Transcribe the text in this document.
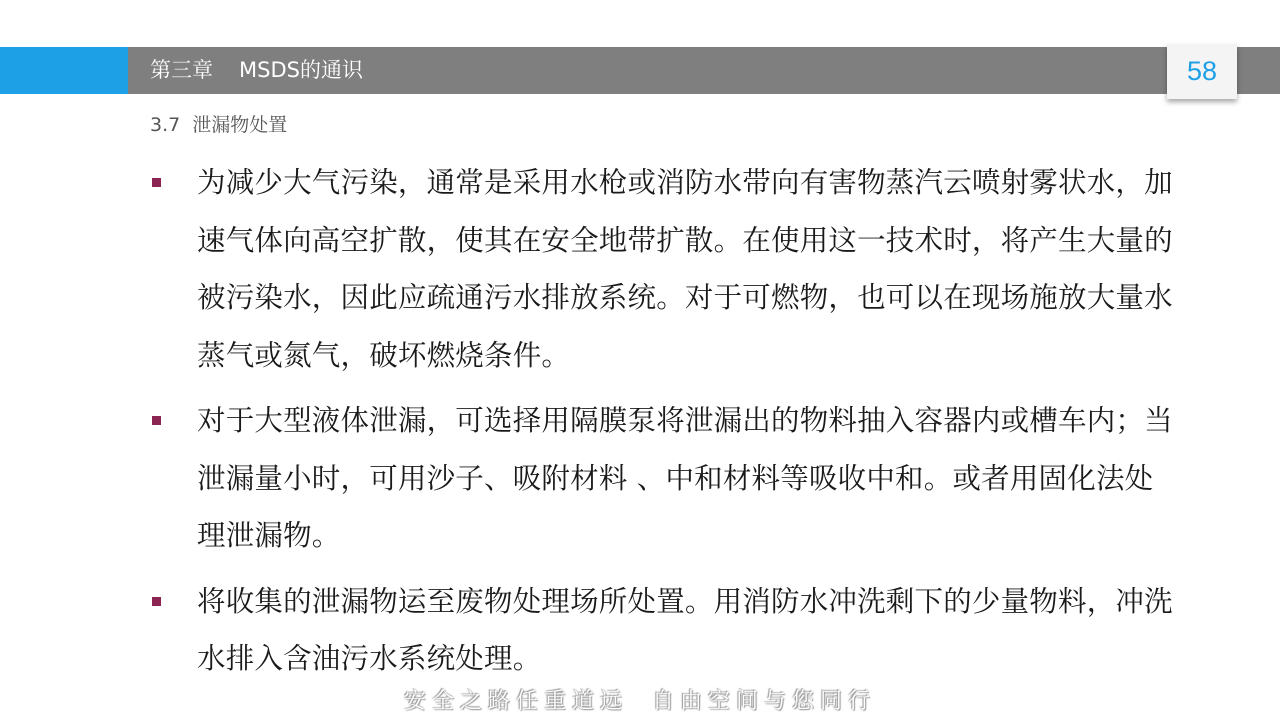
第三章 MSDS的通识	58
3.7 泄漏物处置
为减少大气污染，通常是采用水枪或消防水带向有害物蒸汽云喷射雾状水，加速气体向高空扩散，使其在安全地带扩散。在使用这一技术时，将产生大量的被污染水，因此应疏通污水排放系统。对于可燃物，也可以在现场施放大量水蒸气或氮气，破坏燃烧条件。
对于大型液体泄漏，可选择用隔膜泵将泄漏出的物料抽入容器内或槽车内；当泄漏量小时，可用沙子、吸附材料 、中和材料等吸收中和。或者用固化法处理泄漏物。
将收集的泄漏物运至废物处理场所处置。用消防水冲洗剩下的少量物料，冲洗水排入含油污水系统处理。
安全之路任重道远 自由空间与您同行
